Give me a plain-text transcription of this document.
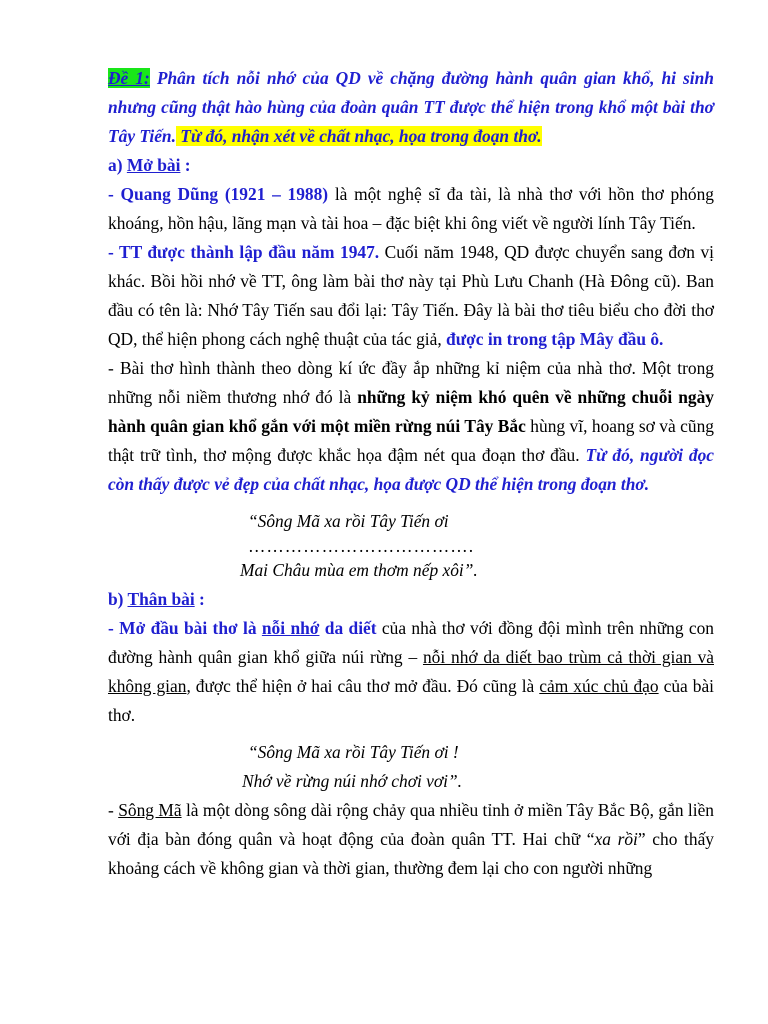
Đề 1: Phân tích nỗi nhớ của QD về chặng đường hành quân gian khổ, hi sinh nhưng cũng thật hào hùng của đoàn quân TT được thể hiện trong khổ một bài thơ Tây Tiến. Từ đó, nhận xét về chất nhạc, họa trong đoạn thơ.

a) Mở bài :

- Quang Dũng (1921 – 1988) là một nghệ sĩ đa tài, là nhà thơ với hồn thơ phóng khoáng, hồn hậu, lãng mạn và tài hoa – đặc biệt khi ông viết về người lính Tây Tiến.

- TT được thành lập đầu năm 1947. Cuối năm 1948, QD được chuyển sang đơn vị khác. Bồi hồi nhớ về TT, ông làm bài thơ này tại Phù Lưu Chanh (Hà Đông cũ). Ban đầu có tên là: Nhớ Tây Tiến sau đổi lại: Tây Tiến. Đây là bài thơ tiêu biểu cho đời thơ QD, thể hiện phong cách nghệ thuật của tác giả, được in trong tập Mây đầu ô.

- Bài thơ hình thành theo dòng kí ức đầy ắp những kỉ niệm của nhà thơ. Một trong những nỗi niềm thương nhớ đó là những kỷ niệm khó quên về những chuỗi ngày hành quân gian khổ gắn với một miền rừng núi Tây Bắc hùng vĩ, hoang sơ và cũng thật trữ tình, thơ mộng được khắc họa đậm nét qua đoạn thơ đầu. Từ đó, người đọc còn thấy được vẻ đẹp của chất nhạc, họa được QD thể hiện trong đoạn thơ.

“Sông Mã xa rồi Tây Tiến ơi

……………………………….

Mai Châu mùa em thơm nếp xôi”.

b) Thân bài :

- Mở đầu bài thơ là nỗi nhớ da diết của nhà thơ với đồng đội mình trên những con đường hành quân gian khổ giữa núi rừng – nỗi nhớ da diết bao trùm cả thời gian và không gian, được thể hiện ở hai câu thơ mở đầu. Đó cũng là cảm xúc chủ đạo của bài thơ.

“Sông Mã xa rồi Tây Tiến ơi !

Nhớ về rừng núi nhớ chơi vơi”.

- Sông Mã là một dòng sông dài rộng chảy qua nhiều tỉnh ở miền Tây Bắc Bộ, gắn liền với địa bàn đóng quân và hoạt động của đoàn quân TT. Hai chữ “xa rồi” cho thấy khoảng cách về không gian và thời gian, thường đem lại cho con người những
